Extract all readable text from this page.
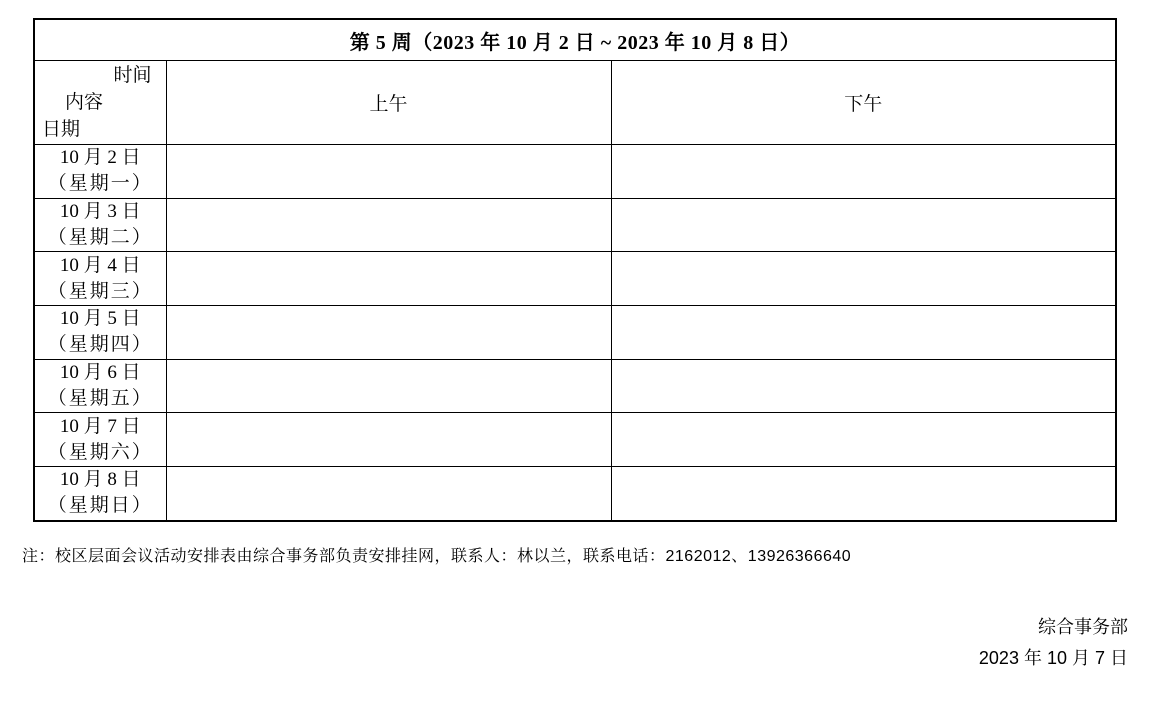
第 5 周（2023 年 10 月 2 日 ~ 2023 年 10 月 8 日）		

时间
内容
日期	上午	下午

10 月 2 日
（星期一）		

10 月 3 日
（星期二）		

10 月 4 日
（星期三）		

10 月 5 日
（星期四）		

10 月 6 日
（星期五）		

10 月 7 日
（星期六）		

10 月 8 日
（星期日）		

注：校区层面会议活动安排表由综合事务部负责安排挂网，联系人：林以兰，联系电话：2162012、13926366640
综合事务部
2023 年 10 月 7 日
